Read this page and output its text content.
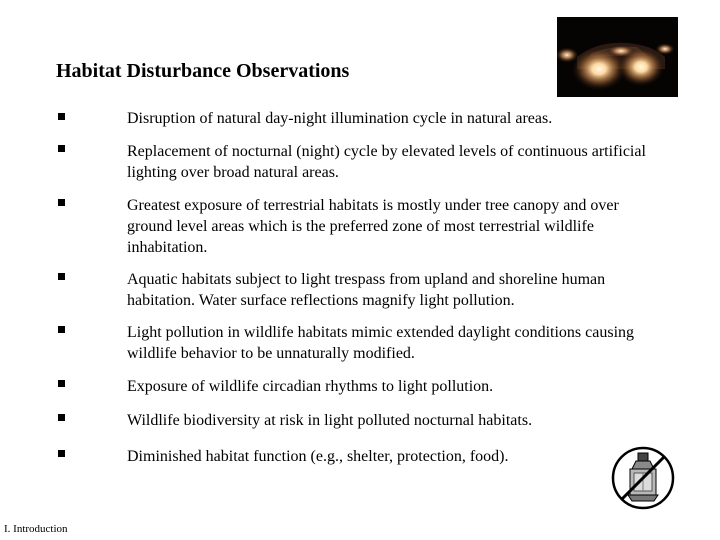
Habitat Disturbance Observations
Disruption of natural day-night illumination cycle in natural areas.
Replacement of nocturnal (night) cycle by elevated levels of continuous artificial lighting over broad natural areas.
Greatest exposure of terrestrial habitats is mostly under tree canopy and over ground level areas which is the preferred zone of most terrestrial wildlife inhabitation.
Aquatic habitats subject to light trespass from upland and shoreline human habitation. Water surface reflections magnify light pollution.
Light pollution in wildlife habitats mimic extended daylight conditions causing wildlife behavior to be unnaturally modified.
Exposure of wildlife circadian rhythms to light pollution.
Wildlife biodiversity at risk in light polluted nocturnal habitats.
Diminished habitat function (e.g., shelter, protection, food).
I. Introduction
